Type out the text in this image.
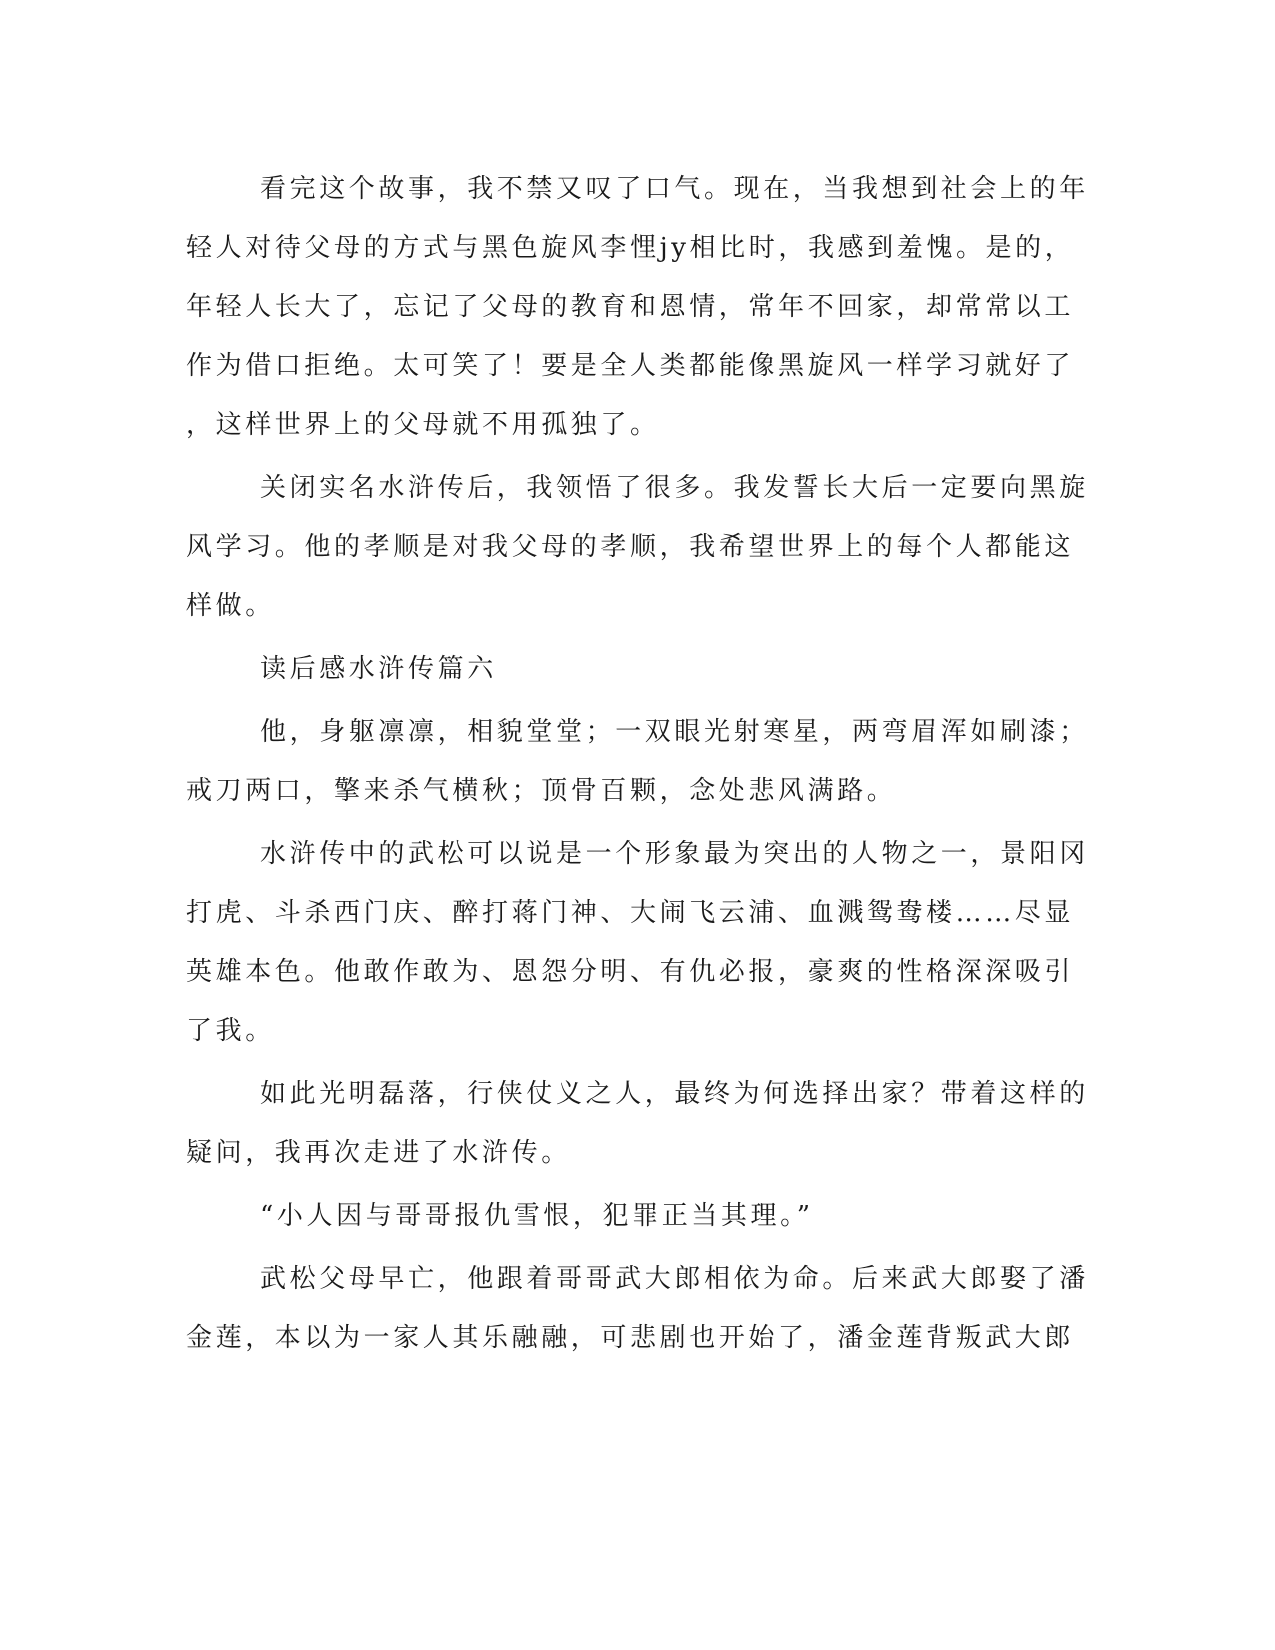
看完这个故事，我不禁又叹了口气。现在，当我想到社会上的年
轻人对待父母的方式与黑色旋风李悝jy相比时，我感到羞愧。是的，
年轻人长大了，忘记了父母的教育和恩情，常年不回家，却常常以工
作为借口拒绝。太可笑了！要是全人类都能像黑旋风一样学习就好了
，这样世界上的父母就不用孤独了。
关闭实名水浒传后，我领悟了很多。我发誓长大后一定要向黑旋
风学习。他的孝顺是对我父母的孝顺，我希望世界上的每个人都能这
样做。
读后感水浒传篇六
他，身躯凛凛，相貌堂堂；一双眼光射寒星，两弯眉浑如刷漆；
戒刀两口，擎来杀气横秋；顶骨百颗，念处悲风满路。
水浒传中的武松可以说是一个形象最为突出的人物之一，景阳冈
打虎、斗杀西门庆、醉打蒋门神、大闹飞云浦、血溅鸳鸯楼……尽显
英雄本色。他敢作敢为、恩怨分明、有仇必报，豪爽的性格深深吸引
了我。
如此光明磊落，行侠仗义之人，最终为何选择出家？带着这样的
疑问，我再次走进了水浒传。
“小人因与哥哥报仇雪恨，犯罪正当其理。”
武松父母早亡，他跟着哥哥武大郎相依为命。后来武大郎娶了潘
金莲，本以为一家人其乐融融，可悲剧也开始了，潘金莲背叛武大郎
